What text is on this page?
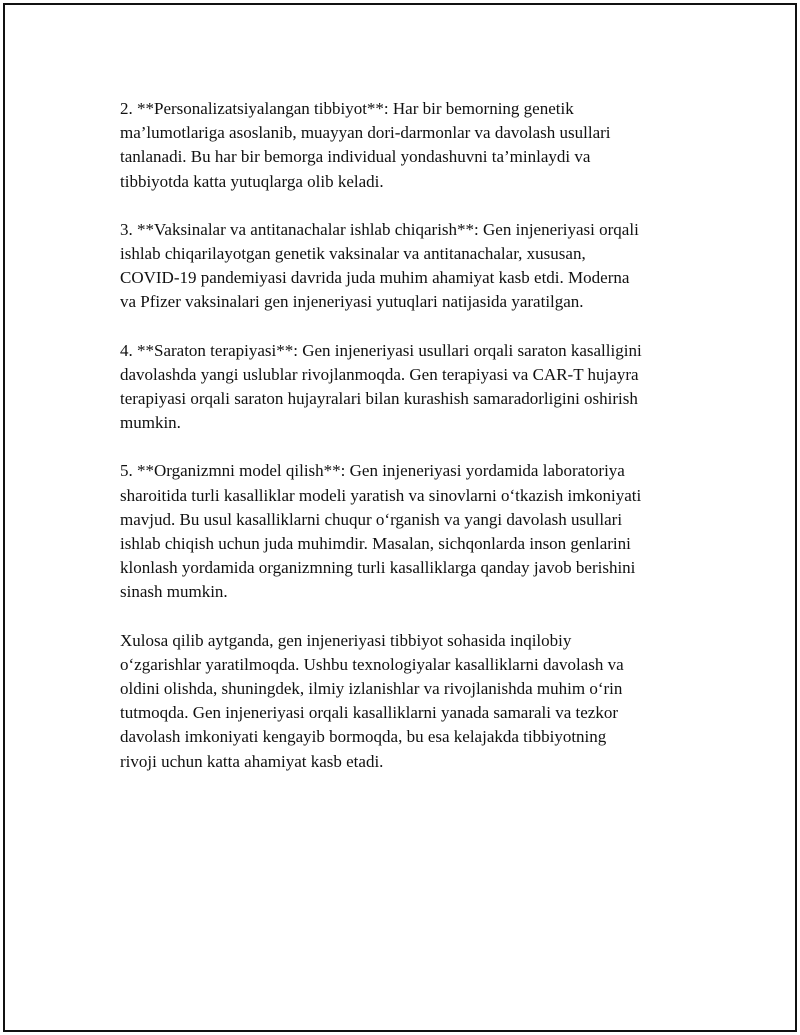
2. **Personalizatsiyalangan tibbiyot**: Har bir bemorning genetik
ma’lumotlariga asoslanib, muayyan dori-darmonlar va davolash usullari
tanlanadi. Bu har bir bemorga individual yondashuvni ta’minlaydi va
tibbiyotda katta yutuqlarga olib keladi.

3. **Vaksinalar va antitanachalar ishlab chiqarish**: Gen injeneriyasi orqali
ishlab chiqarilayotgan genetik vaksinalar va antitanachalar, xususan,
COVID-19 pandemiyasi davrida juda muhim ahamiyat kasb etdi. Moderna
va Pfizer vaksinalari gen injeneriyasi yutuqlari natijasida yaratilgan.

4. **Saraton terapiyasi**: Gen injeneriyasi usullari orqali saraton kasalligini
davolashda yangi uslublar rivojlanmoqda. Gen terapiyasi va CAR-T hujayra
terapiyasi orqali saraton hujayralari bilan kurashish samaradorligini oshirish
mumkin.

5. **Organizmni model qilish**: Gen injeneriyasi yordamida laboratoriya
sharoitida turli kasalliklar modeli yaratish va sinovlarni o‘tkazish imkoniyati
mavjud. Bu usul kasalliklarni chuqur o‘rganish va yangi davolash usullari
ishlab chiqish uchun juda muhimdir. Masalan, sichqonlarda inson genlarini
klonlash yordamida organizmning turli kasalliklarga qanday javob berishini
sinash mumkin.

Xulosa qilib aytganda, gen injeneriyasi tibbiyot sohasida inqilobiy
o‘zgarishlar yaratilmoqda. Ushbu texnologiyalar kasalliklarni davolash va
oldini olishda, shuningdek, ilmiy izlanishlar va rivojlanishda muhim o‘rin
tutmoqda. Gen injeneriyasi orqali kasalliklarni yanada samarali va tezkor
davolash imkoniyati kengayib bormoqda, bu esa kelajakda tibbiyotning
rivoji uchun katta ahamiyat kasb etadi.
